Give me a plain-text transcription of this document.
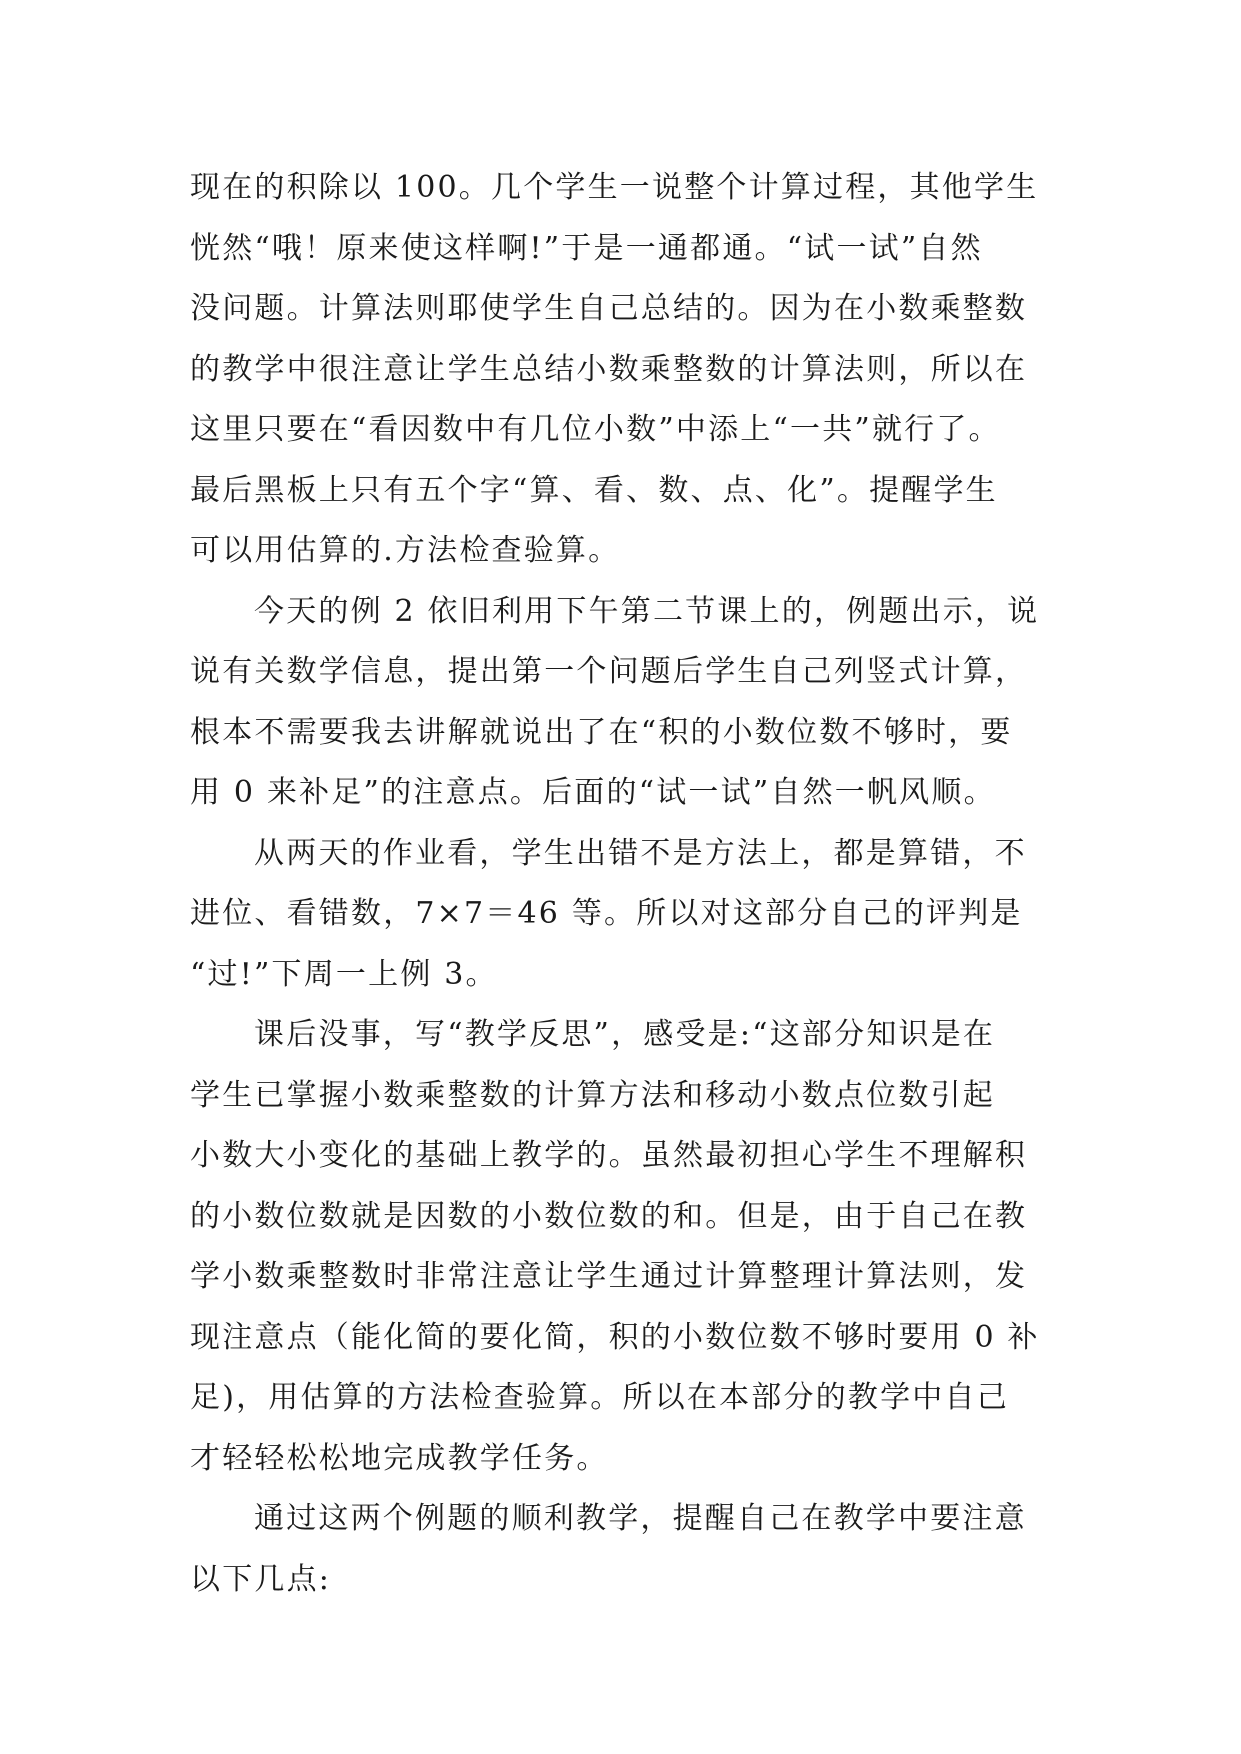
现在的积除以 100。几个学生一说整个计算过程，其他学生
恍然“哦！原来使这样啊!”于是一通都通。“试一试”自然
没问题。计算法则耶使学生自己总结的。因为在小数乘整数
的教学中很注意让学生总结小数乘整数的计算法则，所以在
这里只要在“看因数中有几位小数”中添上“一共”就行了。
最后黑板上只有五个字“算、看、数、点、化”。提醒学生
可以用估算的.方法检查验算。
今天的例 2 依旧利用下午第二节课上的，例题出示，说
说有关数学信息，提出第一个问题后学生自己列竖式计算，
根本不需要我去讲解就说出了在“积的小数位数不够时，要
用 0 来补足”的注意点。后面的“试一试”自然一帆风顺。
从两天的作业看，学生出错不是方法上，都是算错，不
进位、看错数，7×7＝46 等。所以对这部分自己的评判是
“过!”下周一上例 3。
课后没事，写“教学反思”，感受是:“这部分知识是在
学生已掌握小数乘整数的计算方法和移动小数点位数引起
小数大小变化的基础上教学的。虽然最初担心学生不理解积
的小数位数就是因数的小数位数的和。但是，由于自己在教
学小数乘整数时非常注意让学生通过计算整理计算法则，发
现注意点（能化简的要化简，积的小数位数不够时要用 0 补
足)，用估算的方法检查验算。所以在本部分的教学中自己
才轻轻松松地完成教学任务。
通过这两个例题的顺利教学，提醒自己在教学中要注意
以下几点:
